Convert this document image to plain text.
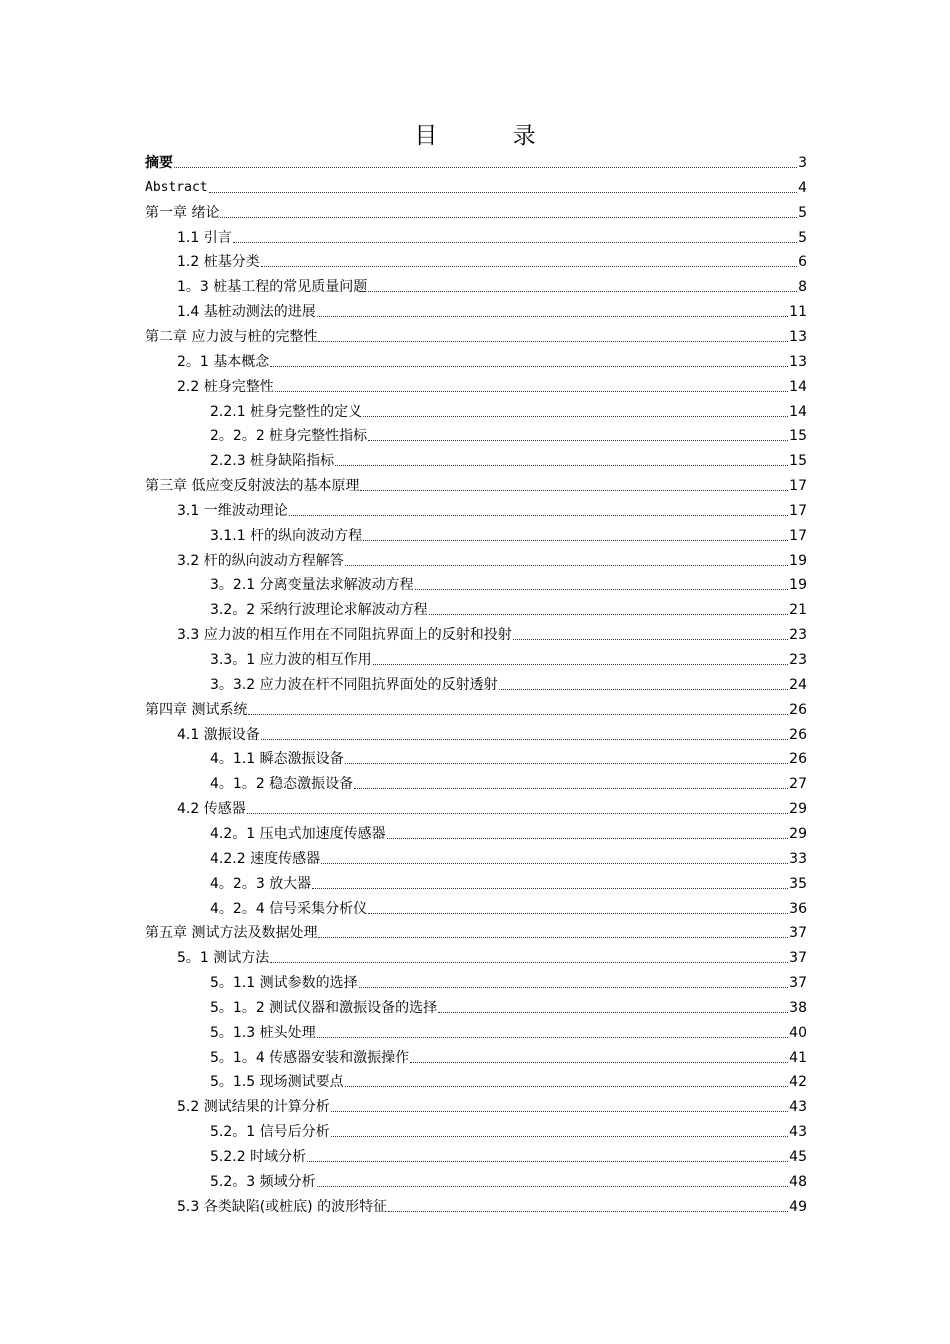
目 录
摘要	3
Abstract	4
第一章 绪论	5
1.1 引言	5
1.2 桩基分类	6
1。3 桩基工程的常见质量问题	8
1.4 基桩动测法的进展	11
第二章 应力波与桩的完整性	13
2。1 基本概念	13
2.2 桩身完整性	14
2.2.1 桩身完整性的定义	14
2。2。2 桩身完整性指标	15
2.2.3 桩身缺陷指标	15
第三章 低应变反射波法的基本原理	17
3.1 一维波动理论	17
3.1.1 杆的纵向波动方程	17
3.2 杆的纵向波动方程解答	19
3。2.1 分离变量法求解波动方程	19
3.2。2 采纳行波理论求解波动方程	21
3.3 应力波的相互作用在不同阻抗界面上的反射和投射	23
3.3。1 应力波的相互作用	23
3。3.2 应力波在杆不同阻抗界面处的反射透射	24
第四章 测试系统	26
4.1 激振设备	26
4。1.1 瞬态激振设备	26
4。1。2 稳态激振设备	27
4.2 传感器	29
4.2。1 压电式加速度传感器	29
4.2.2 速度传感器	33
4。2。3 放大器	35
4。2。4 信号采集分析仪	36
第五章 测试方法及数据处理	37
5。1 测试方法	37
5。1.1 测试参数的选择	37
5。1。2 测试仪器和激振设备的选择	38
5。1.3 桩头处理	40
5。1。4 传感器安装和激振操作	41
5。1.5 现场测试要点	42
5.2 测试结果的计算分析	43
5.2。1 信号后分析	43
5.2.2 时域分析	45
5.2。3 频域分析	48
5.3 各类缺陷(或桩底) 的波形特征	49
